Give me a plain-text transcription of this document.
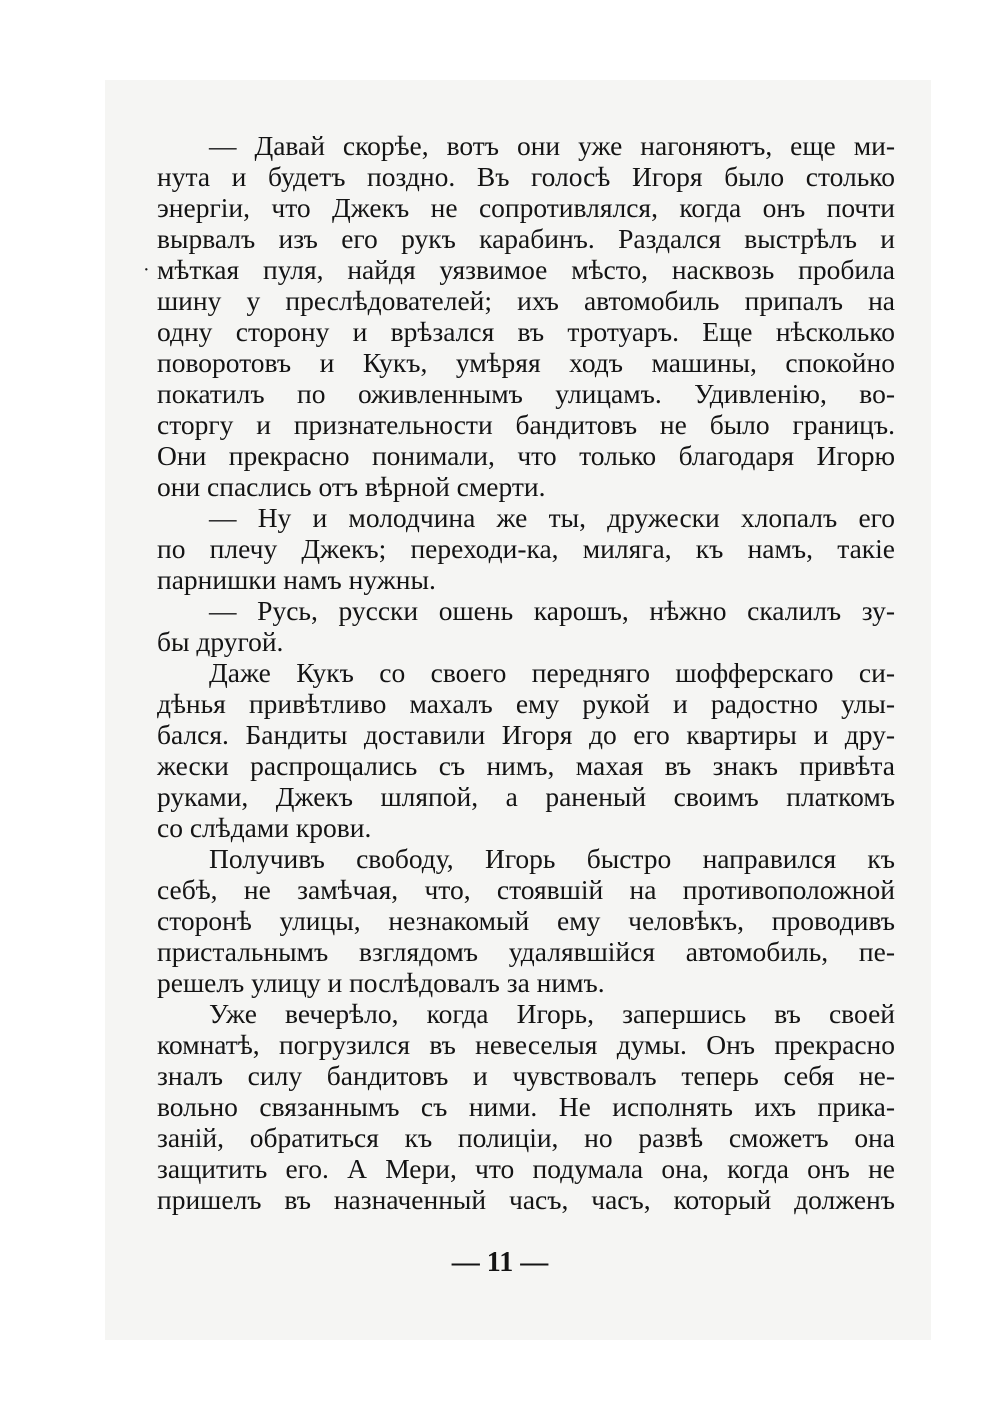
·
— Давай скорѣе, вотъ они уже нагоняютъ, еще ми-
нута и будетъ поздно. Въ голосѣ Игоря было столько
энергіи, что Джекъ не сопротивлялся, когда онъ почти
вырвалъ изъ его рукъ карабинъ. Раздался выстрѣлъ и
мѣткая пуля, найдя уязвимое мѣсто, насквозь пробила
шину у преслѣдователей; ихъ автомобиль припалъ на
одну сторону и врѣзался въ тротуаръ. Еще нѣсколько
поворотовъ и Кукъ, умѣряя ходъ машины, спокойно
покатилъ по оживленнымъ улицамъ. Удивленію, во-
сторгу и признательности бандитовъ не было границъ.
Они прекрасно понимали, что только благодаря Игорю
они спаслись отъ вѣрной смерти.
— Ну и молодчина же ты, дружески хлопалъ его
по плечу Джекъ; переходи-ка, миляга, къ намъ, такіе
парнишки намъ нужны.
— Русь, русски ошень карошъ, нѣжно скалилъ зу-
бы другой.
Даже Кукъ со своего передняго шофферскаго си-
дѣнья привѣтливо махалъ ему рукой и радостно улы-
бался. Бандиты доставили Игоря до его квартиры и дру-
жески распрощались съ нимъ, махая въ знакъ привѣта
руками, Джекъ шляпой, а раненый своимъ платкомъ
со слѣдами крови.
Получивъ свободу, Игорь быстро направился къ
себѣ, не замѣчая, что, стоявшій на противоположной
сторонѣ улицы, незнакомый ему человѣкъ, проводивъ
пристальнымъ взглядомъ удалявшійся автомобиль, пе-
решелъ улицу и послѣдовалъ за нимъ.
Уже вечерѣло, когда Игорь, запершись въ своей
комнатѣ, погрузился въ невеселыя думы. Онъ прекрасно
зналъ силу бандитовъ и чувствовалъ теперь себя не-
вольно связаннымъ съ ними. Не исполнять ихъ прика-
заній, обратиться къ полиціи, но развѣ сможетъ она
защитить его. А Мери, что подумала она, когда онъ не
пришелъ въ назначенный часъ, часъ, который долженъ
— 11 —
